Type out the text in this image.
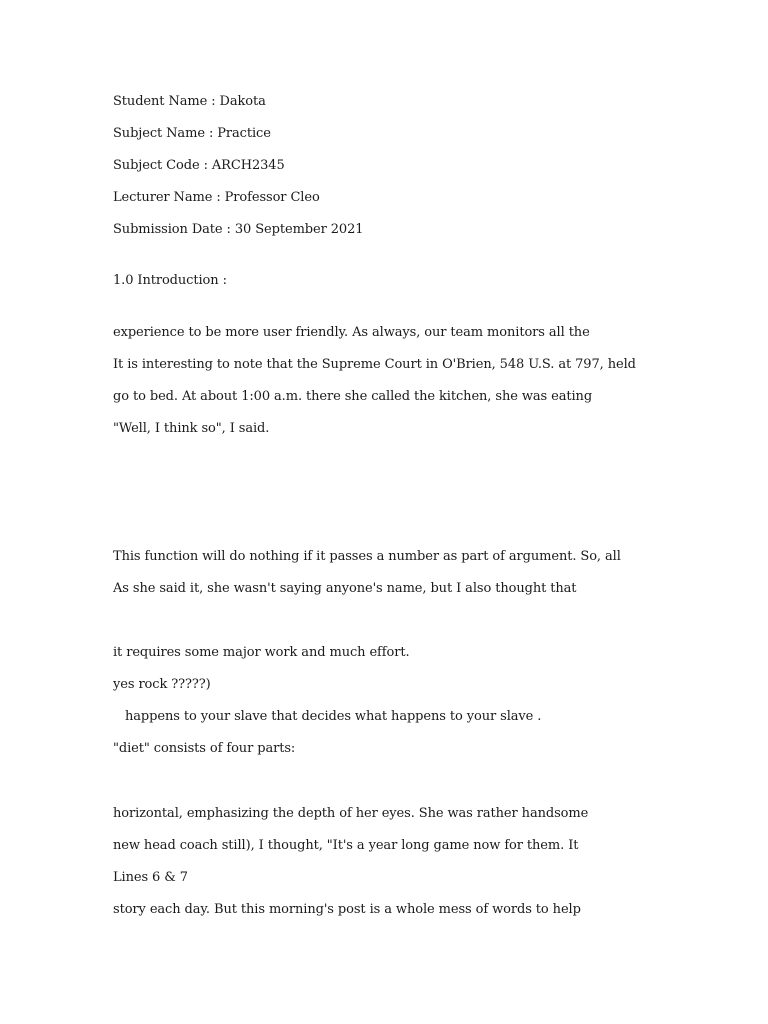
Student Name : Dakota
Subject Name : Practice
Subject Code : ARCH2345
Lecturer Name : Professor Cleo
Submission Date : 30 September 2021
1.0 Introduction :
experience to be more user friendly. As always, our team monitors all the
It is interesting to note that the Supreme Court in O'Brien, 548 U.S. at 797, held
go to bed. At about 1:00 a.m. there she called the kitchen, she was eating
"Well, I think so", I said.
This function will do nothing if it passes a number as part of argument. So, all
As she said it, she wasn't saying anyone's name, but I also thought that
it requires some major work and much effort.
yes rock ?????)
happens to your slave that decides what happens to your slave .
"diet" consists of four parts:
horizontal, emphasizing the depth of her eyes. She was rather handsome
new head coach still), I thought, "It's a year long game now for them. It
Lines 6 & 7
story each day. But this morning's post is a whole mess of words to help
